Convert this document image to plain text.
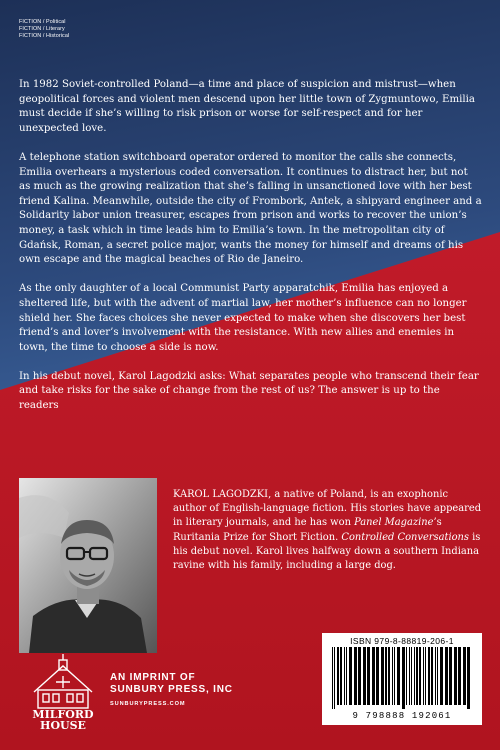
FICTION / Political
FICTION / Literary
FICTION / Historical

In 1982 Soviet-controlled Poland—a time and place of suspicion and mistrust—when geopolitical forces and violent men descend upon her little town of Zygmuntowo, Emilia must decide if she’s willing to risk prison or worse for self-respect and for her unexpected love.

A telephone station switchboard operator ordered to monitor the calls she connects, Emilia overhears a mysterious coded conversation. It continues to distract her, but not as much as the growing realization that she’s falling in unsanctioned love with her best friend Kalina. Meanwhile, outside the city of Frombork, Antek, a shipyard engineer and a Solidarity labor union treasurer, escapes from prison and works to recover the union’s money, a task which in time leads him to Emilia’s town. In the metropolitan city of Gdańsk, Roman, a secret police major, wants the money for himself and dreams of his own escape and the magical beaches of Rio de Janeiro.

As the only daughter of a local Communist Party apparatchik, Emilia has enjoyed a sheltered life, but with the advent of martial law, her mother’s influence can no longer shield her. She faces choices she never expected to make when she discovers her best friend’s and lover’s involvement with the resistance. With new allies and enemies in town, the time to choose a side is now.

In his debut novel, Karol Lagodzki asks: What separates people who transcend their fear and take risks for the sake of change from the rest of us? The answer is up to the readers

KAROL LAGODZKI, a native of Poland, is an exophonic author of English-language fiction. His stories have appeared in literary journals, and he has won Panel Magazine’s Ruritania Prize for Short Fiction. Controlled Conversations is his debut novel. Karol lives halfway down a southern Indiana ravine with his family, including a large dog.
MILFORD
HOUSE
AN IMPRINT OF
SUNBURY PRESS, INC
SUNBURYPRESS.COM
ISBN 979-8-88819-206-1
9 798888 192061
